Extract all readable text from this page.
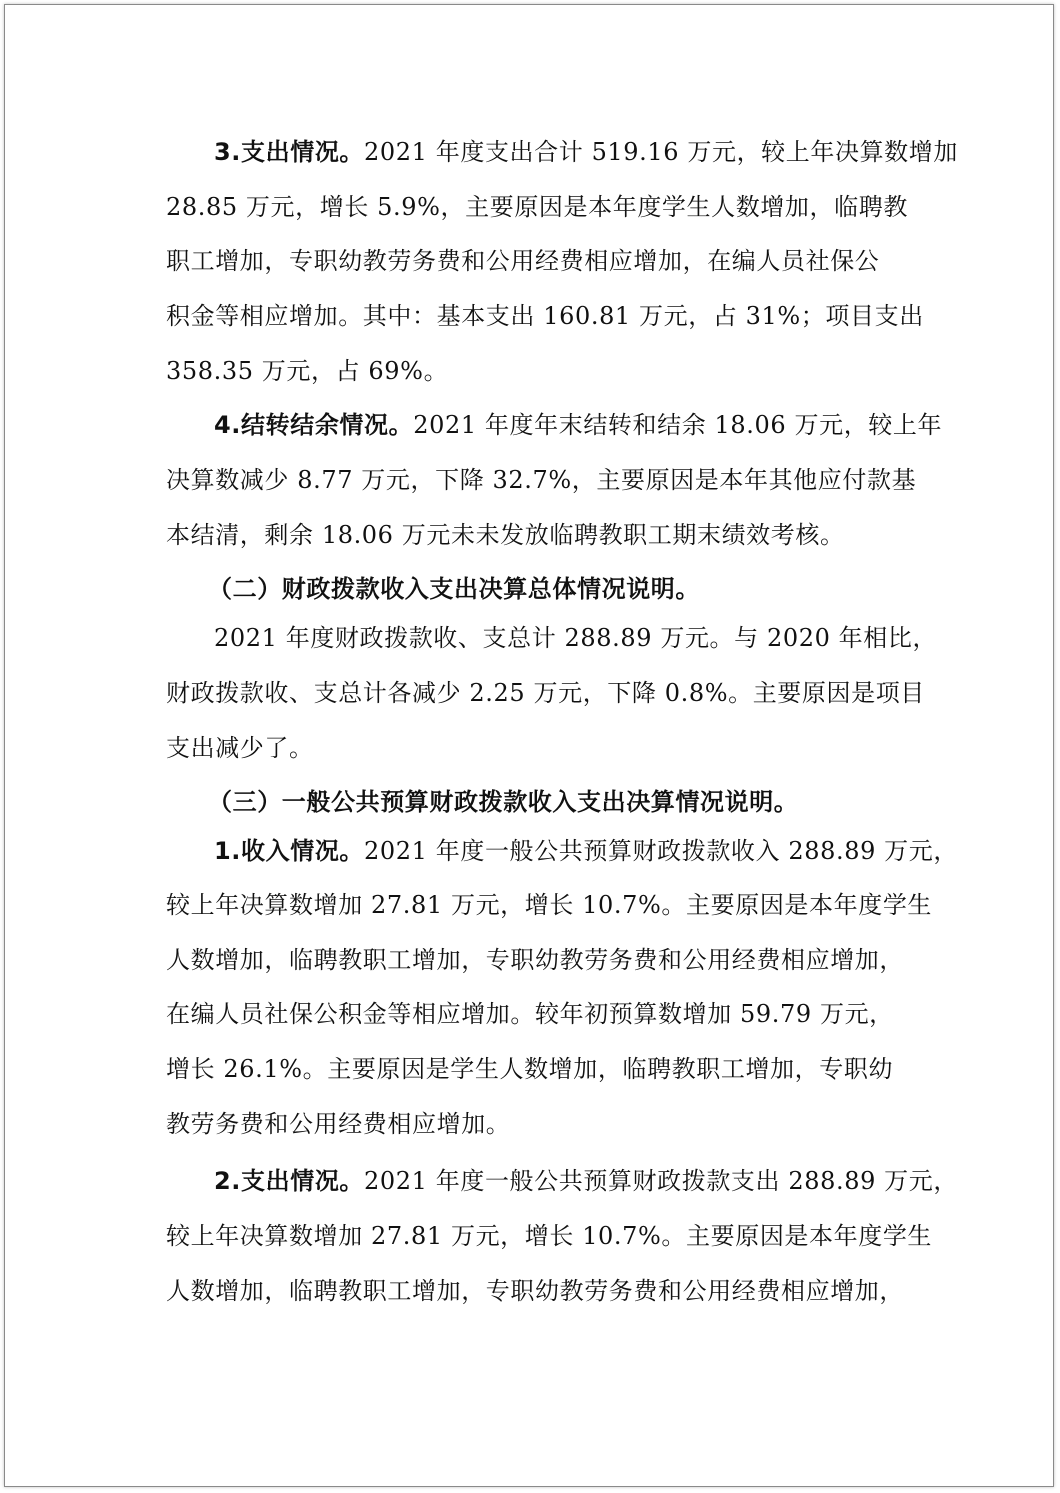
3.支出情况。2021 年度支出合计 519.16 万元，较上年决算数增加
28.85 万元，增长 5.9%，主要原因是本年度学生人数增加，临聘教
职工增加，专职幼教劳务费和公用经费相应增加，在编人员社保公
积金等相应增加。其中：基本支出 160.81 万元，占 31%；项目支出
358.35 万元，占 69%。
4.结转结余情况。2021 年度年末结转和结余 18.06 万元，较上年
决算数减少 8.77 万元，下降 32.7%，主要原因是本年其他应付款基
本结清，剩余 18.06 万元未未发放临聘教职工期末绩效考核。
（二）财政拨款收入支出决算总体情况说明。
2021 年度财政拨款收、支总计 288.89 万元。与 2020 年相比，
财政拨款收、支总计各减少 2.25 万元，下降 0.8%。主要原因是项目
支出减少了。
（三）一般公共预算财政拨款收入支出决算情况说明。
1.收入情况。2021 年度一般公共预算财政拨款收入 288.89 万元，
较上年决算数增加 27.81 万元，增长 10.7%。主要原因是本年度学生
人数增加，临聘教职工增加，专职幼教劳务费和公用经费相应增加，
在编人员社保公积金等相应增加。较年初预算数增加 59.79 万元，
增长 26.1%。主要原因是学生人数增加，临聘教职工增加，专职幼
教劳务费和公用经费相应增加。
2.支出情况。2021 年度一般公共预算财政拨款支出 288.89 万元，
较上年决算数增加 27.81 万元，增长 10.7%。主要原因是本年度学生
人数增加，临聘教职工增加，专职幼教劳务费和公用经费相应增加，
